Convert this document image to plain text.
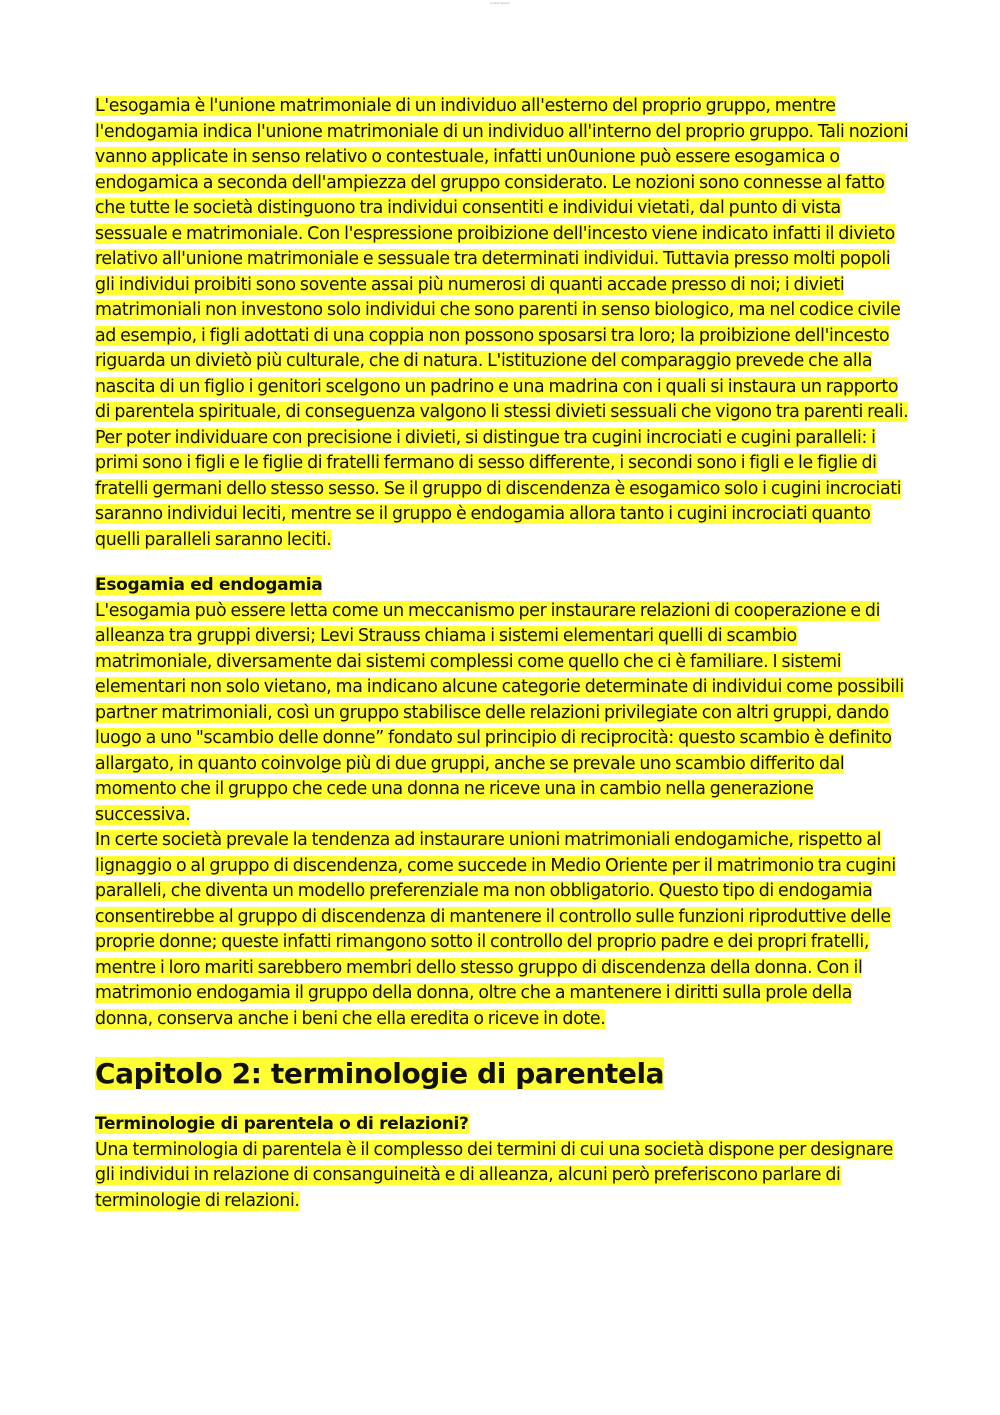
Lorem ipsum

L'esogamia è l'unione matrimoniale di un individuo all'esterno del proprio gruppo, mentre l'endogamia indica l'unione matrimoniale di un individuo all'interno del proprio gruppo. Tali nozioni vanno applicate in senso relativo o contestuale, infatti un0unione può essere esogamica o endogamica a seconda dell'ampiezza del gruppo considerato. Le nozioni sono connesse al fatto che tutte le società distinguono tra individui consentiti e individui vietati, dal punto di vista sessuale e matrimoniale. Con l'espressione proibizione dell'incesto viene indicato infatti il divieto relativo all'unione matrimoniale e sessuale tra determinati individui. Tuttavia presso molti popoli gli individui proibiti sono sovente assai più numerosi di quanti accade presso di noi; i divieti matrimoniali non investono solo individui che sono parenti in senso biologico, ma nel codice civile ad esempio, i figli adottati di una coppia non possono sposarsi tra loro; la proibizione dell'incesto riguarda un divietò più culturale, che di natura. L'istituzione del comparaggio prevede che alla nascita di un figlio i genitori scelgono un padrino e una madrina con i quali si instaura un rapporto di parentela spirituale, di conseguenza valgono li stessi divieti sessuali che vigono tra parenti reali.

Per poter individuare con precisione i divieti, si distingue tra cugini incrociati e cugini paralleli: i primi sono i figli e le figlie di fratelli fermano di sesso differente, i secondi sono i figli e le figlie di fratelli germani dello stesso sesso. Se il gruppo di discendenza è esogamico solo i cugini incrociati saranno individui leciti, mentre se il gruppo è endogamia allora tanto i cugini incrociati quanto quelli paralleli saranno leciti.

Esogamia ed endogamia

L'esogamia può essere letta come un meccanismo per instaurare relazioni di cooperazione e di alleanza tra gruppi diversi; Levi Strauss chiama i sistemi elementari quelli di scambio matrimoniale, diversamente dai sistemi complessi come quello che ci è familiare. I sistemi elementari non solo vietano, ma indicano alcune categorie determinate di individui come possibili partner matrimoniali, così un gruppo stabilisce delle relazioni privilegiate con altri gruppi, dando luogo a uno "scambio delle donne” fondato sul principio di reciprocità: questo scambio è definito allargato, in quanto coinvolge più di due gruppi, anche se prevale uno scambio differito dal momento che il gruppo che cede una donna ne riceve una in cambio nella generazione successiva.

In certe società prevale la tendenza ad instaurare unioni matrimoniali endogamiche, rispetto al lignaggio o al gruppo di discendenza, come succede in Medio Oriente per il matrimonio tra cugini paralleli, che diventa un modello preferenziale ma non obbligatorio. Questo tipo di endogamia consentirebbe al gruppo di discendenza di mantenere il controllo sulle funzioni riproduttive delle proprie donne; queste infatti rimangono sotto il controllo del proprio padre e dei propri fratelli, mentre i loro mariti sarebbero membri dello stesso gruppo di discendenza della donna. Con il matrimonio endogamia il gruppo della donna, oltre che a mantenere i diritti sulla prole della donna, conserva anche i beni che ella eredita o riceve in dote.

Capitolo 2: terminologie di parentela
Terminologie di parentela o di relazioni?

Una terminologia di parentela è il complesso dei termini di cui una società dispone per designare gli individui in relazione di consanguineità e di alleanza, alcuni però preferiscono parlare di terminologie di relazioni.
